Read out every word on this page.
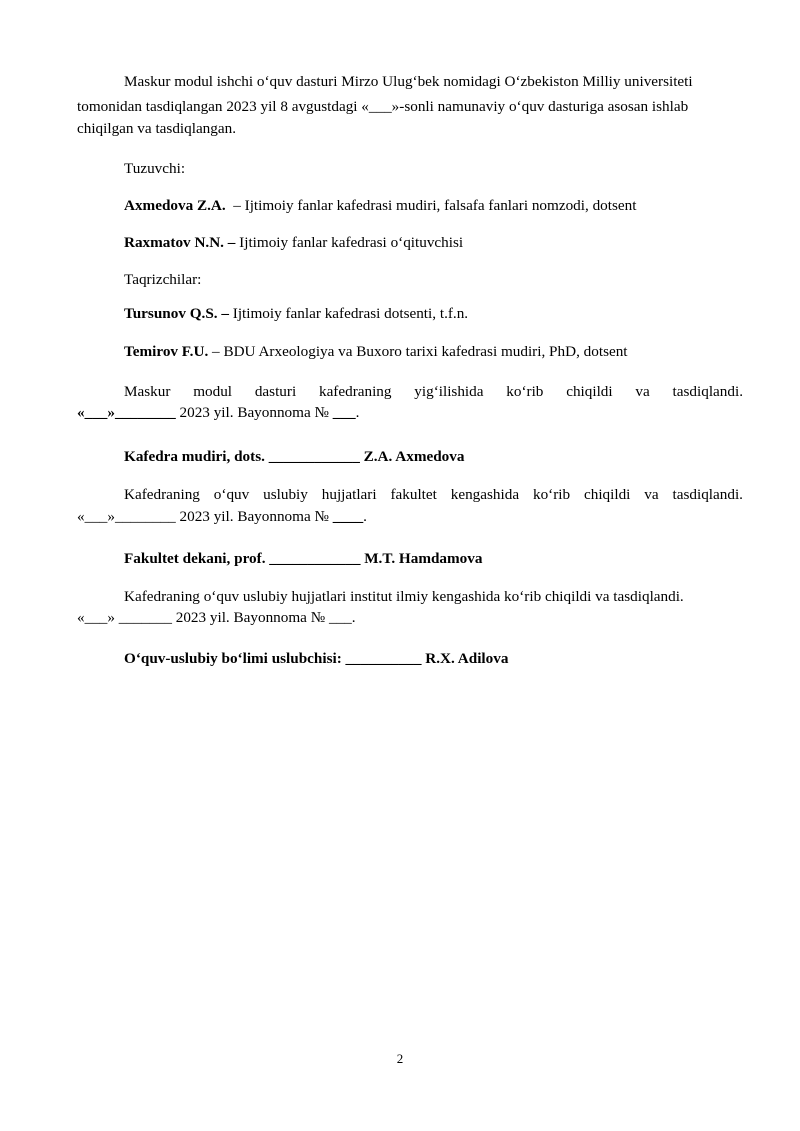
Maskur modul ishchi o‘quv dasturi Mirzo Ulug‘bek nomidagi O‘zbekiston Milliy universiteti

tomonidan tasdiqlangan 2023 yil 8 avgustdagi «___»-sonli namunaviy o‘quv dasturiga asosan ishlab

chiqilgan va tasdiqlangan.

Tuzuvchi:

Axmedova Z.A.  – Ijtimoiy fanlar kafedrasi mudiri, falsafa fanlari nomzodi, dotsent

Raxmatov N.N. – Ijtimoiy fanlar kafedrasi o‘qituvchisi

Taqrizchilar:

Tursunov Q.S. – Ijtimoiy fanlar kafedrasi dotsenti, t.f.n.

Temirov F.U. – BDU Arxeologiya va Buxoro tarixi kafedrasi mudiri, PhD, dotsent

Maskur modul dasturi kafedraning yig‘ilishida ko‘rib chiqildi va tasdiqlandi.

«___»________ 2023 yil. Bayonnoma № ___.

Kafedra mudiri, dots. ____________ Z.A. Axmedova

Kafedraning o‘quv uslubiy hujjatlari fakultet kengashida ko‘rib chiqildi va tasdiqlandi.

«___»________ 2023 yil. Bayonnoma № ____.

Fakultet dekani, prof. ____________ M.T. Hamdamova

Kafedraning o‘quv uslubiy hujjatlari institut ilmiy kengashida ko‘rib chiqildi va tasdiqlandi.

«___» _______ 2023 yil. Bayonnoma № ___.

O‘quv-uslubiy bo‘limi uslubchisi: __________ R.X. Adilova

2
